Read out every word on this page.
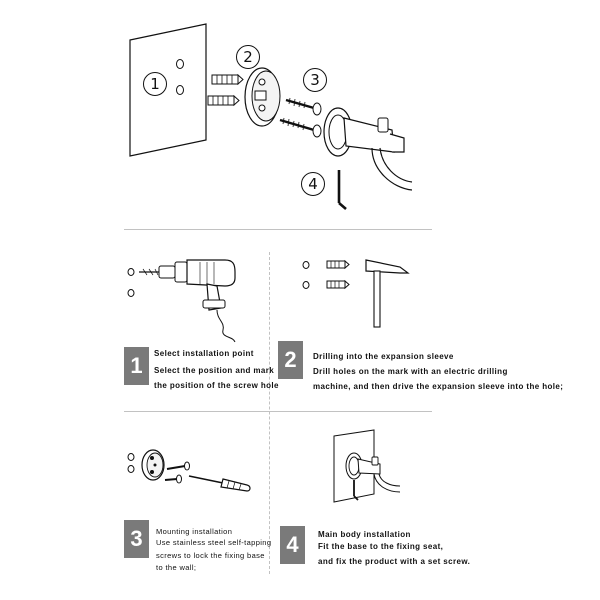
1
2
3
4
1	Select installation point
Select the position and mark
the position of the screw hole
2	Drilling into the expansion sleeve
Drill holes on the mark with an electric drilling
machine, and then drive the expansion sleeve into the hole;
3	Mounting installation
Use stainless steel self-tapping
screws to lock the fixing base
to the wall;
4	Main body installation
Fit the base to the fixing seat,
and fix the product with a set screw.
